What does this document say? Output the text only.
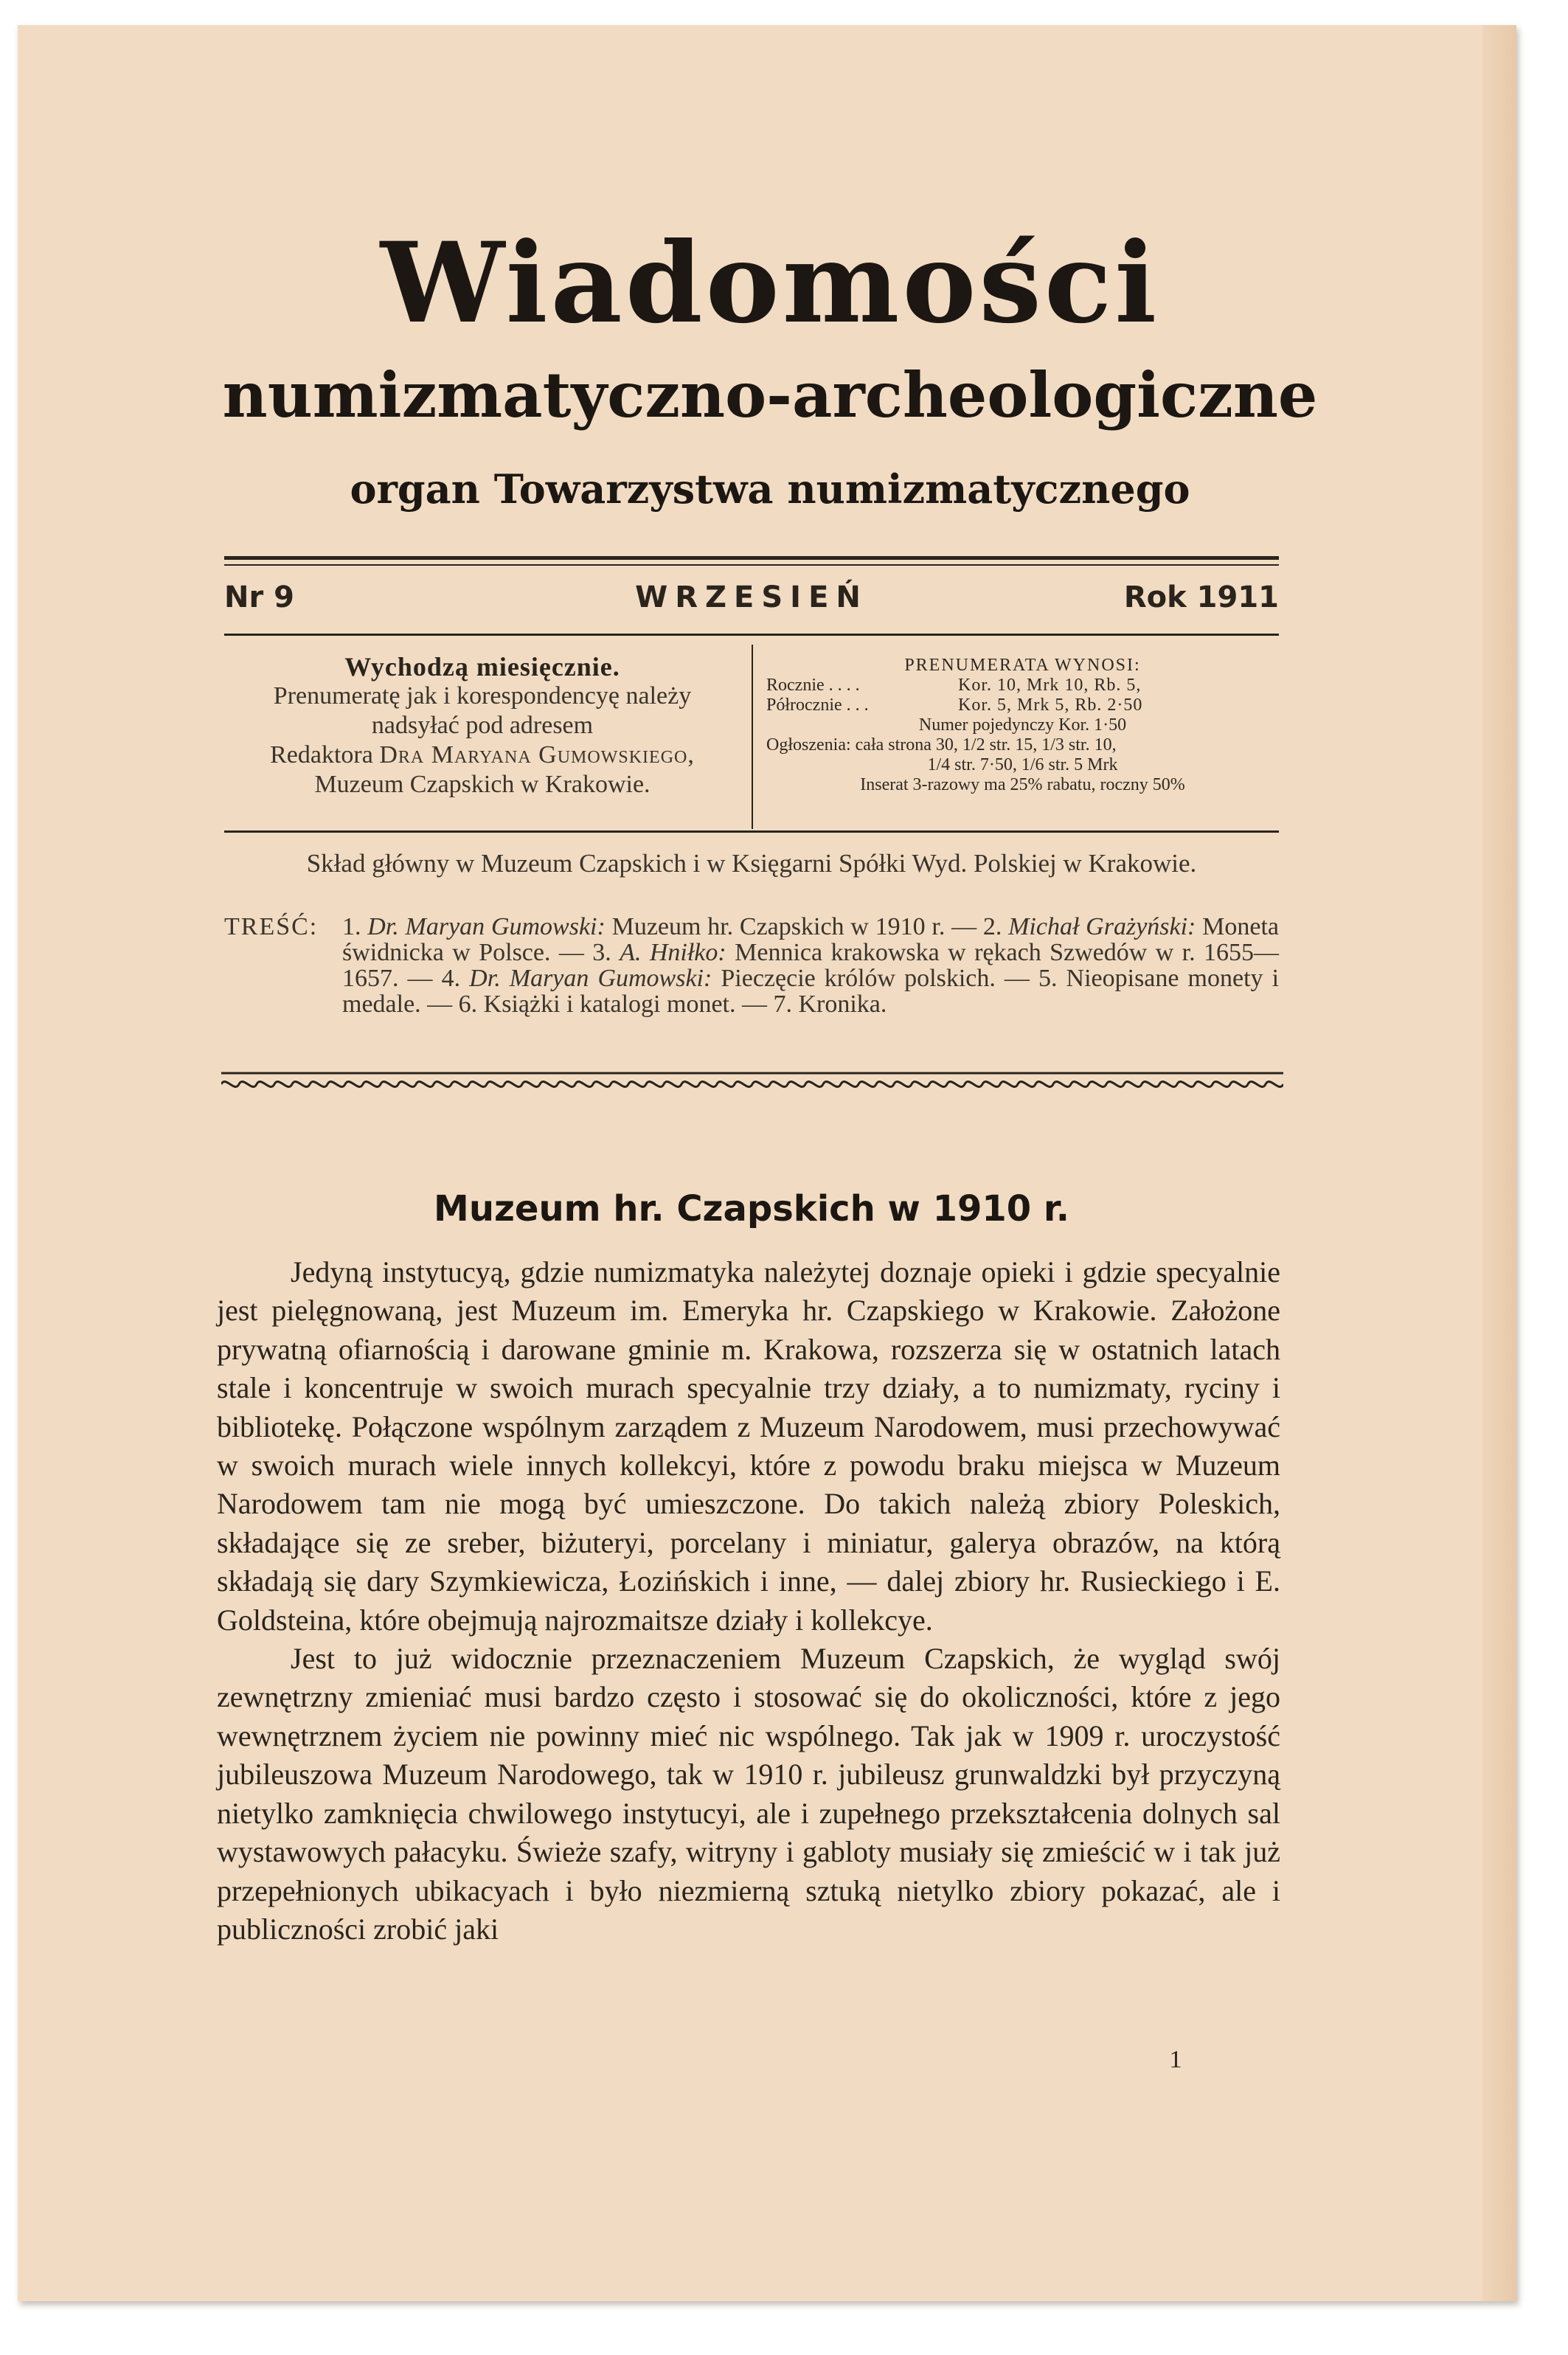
Wiadomości
numizmatyczno-archeologiczne
organ Towarzystwa numizmatycznego
Nr 9	WRZESIEŃ	Rok 1911
Wychodzą miesięcznie.
Prenumeratę jak i korespondencyę należy
nadsyłać pod adresem
Redaktora Dra Maryana Gumowskiego,
Muzeum Czapskich w Krakowie.
PRENUMERATA WYNOSI:
Rocznie . . . .	Kor. 10, Mrk 10, Rb. 5,
Półrocznie . . .	Kor. 5, Mrk 5, Rb. 2·50
Numer pojedynczy Kor. 1·50
Ogłoszenia: cała strona 30, 1/2 str. 15, 1/3 str. 10,
1/4 str. 7·50, 1/6 str. 5 Mrk
Inserat 3-razowy ma 25% rabatu, roczny 50%
Skład główny w Muzeum Czapskich i w Księgarni Spółki Wyd. Polskiej w Krakowie.
TREŚĆ: 1. Dr. Maryan Gumowski: Muzeum hr. Czapskich w 1910 r. — 2. Michał Grażyński: Moneta świdnicka w Polsce. — 3. A. Hniłko: Mennica krakowska w rękach Szwedów w r. 1655—1657. — 4. Dr. Maryan Gumowski: Pieczęcie królów polskich. — 5. Nieopisane monety i medale. — 6. Książki i katalogi monet. — 7. Kronika.
Muzeum hr. Czapskich w 1910 r.

Jedyną instytucyą, gdzie numizmatyka należytej doznaje opieki i gdzie specyalnie jest pielęgnowaną, jest Muzeum im. Emeryka hr. Czapskiego w Krakowie. Założone prywatną ofiarnością i darowane gminie m. Krakowa, rozszerza się w ostatnich latach stale i koncentruje w swoich murach specyalnie trzy działy, a to numizmaty, ryciny i bibliotekę. Połączone wspólnym zarządem z Muzeum Narodowem, musi przechowywać w swoich murach wiele innych kollekcyi, które z powodu braku miejsca w Muzeum Narodowem tam nie mogą być umieszczone. Do takich należą zbiory Poleskich, składające się ze sreber, biżuteryi, porcelany i miniatur, galerya obrazów, na którą składają się dary Szymkiewicza, Łozińskich i inne, — dalej zbiory hr. Rusieckiego i E. Goldsteina, które obejmują najrozmaitsze działy i kollekcye.

Jest to już widocznie przeznaczeniem Muzeum Czapskich, że wygląd swój zewnętrzny zmieniać musi bardzo często i stosować się do okoliczności, które z jego wewnętrznem życiem nie powinny mieć nic wspólnego. Tak jak w 1909 r. uroczystość jubileuszowa Muzeum Narodowego, tak w 1910 r. jubileusz grunwaldzki był przyczyną nietylko zamknięcia chwilowego instytucyi, ale i zupełnego przekształcenia dolnych sal wystawowych pałacyku. Świeże szafy, witryny i gabloty musiały się zmieścić w i tak już przepełnionych ubikacyach i było niezmierną sztuką nietylko zbiory pokazać, ale i publiczności zrobić jaki

1
